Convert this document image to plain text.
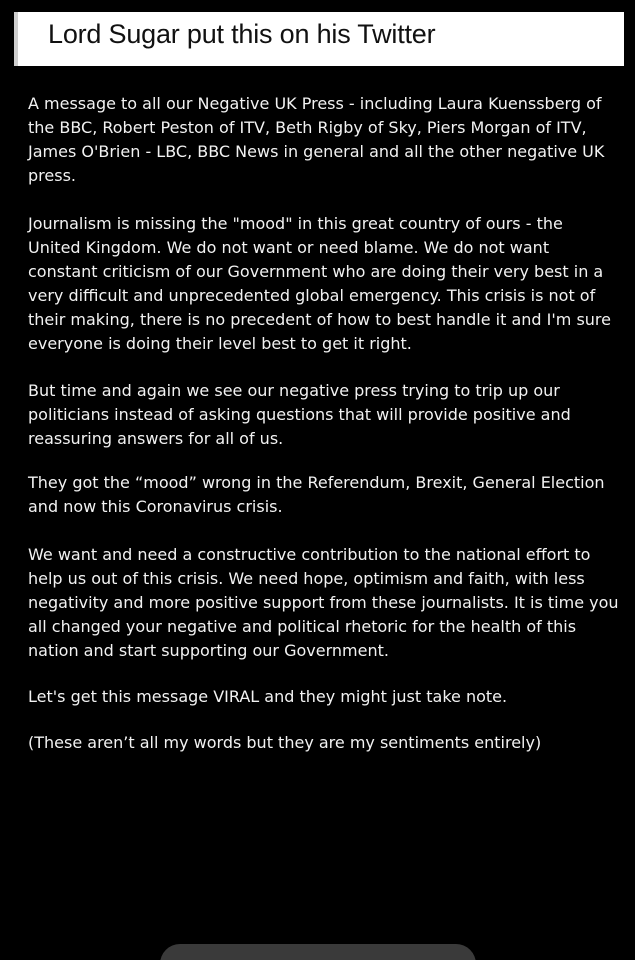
Lord Sugar put this on his Twitter

A message to all our Negative UK Press - including Laura Kuenssberg of the BBC, Robert Peston of ITV, Beth Rigby of Sky, Piers Morgan of ITV, James O'Brien - LBC, BBC News in general and all the other negative UK press.

Journalism is missing the "mood" in this great country of ours - the United Kingdom. We do not want or need blame. We do not want constant criticism of our Government who are doing their very best in a very difficult and unprecedented global emergency. This crisis is not of their making, there is no precedent of how to best handle it and I'm sure everyone is doing their level best to get it right.

But time and again we see our negative press trying to trip up our politicians instead of asking questions that will provide positive and reassuring answers for all of us.

They got the “mood” wrong in the Referendum, Brexit, General Election and now this Coronavirus crisis.

We want and need a constructive contribution to the national effort to help us out of this crisis. We need hope, optimism and faith, with less negativity and more positive support from these journalists. It is time you all changed your negative and political rhetoric for the health of this nation and start supporting our Government.

Let's get this message VIRAL and they might just take note.

(These aren’t all my words but they are my sentiments entirely)
